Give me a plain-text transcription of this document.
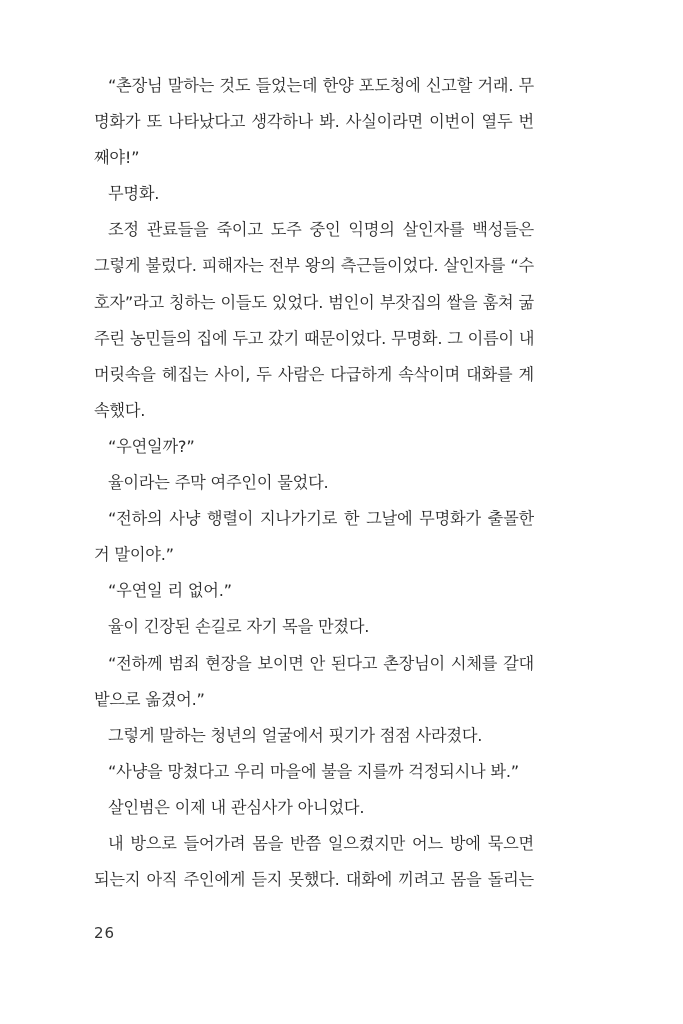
“촌장님 말하는 것도 들었는데 한양 포도청에 신고할 거래. 무
명화가 또 나타났다고 생각하나 봐. 사실이라면 이번이 열두 번
째야!”
무명화.
조정 관료들을 죽이고 도주 중인 익명의 살인자를 백성들은
그렇게 불렀다. 피해자는 전부 왕의 측근들이었다. 살인자를 “수
호자”라고 칭하는 이들도 있었다. 범인이 부잣집의 쌀을 훔쳐 굶
주린 농민들의 집에 두고 갔기 때문이었다. 무명화. 그 이름이 내
머릿속을 헤집는 사이, 두 사람은 다급하게 속삭이며 대화를 계
속했다.
“우연일까?”
율이라는 주막 여주인이 물었다.
“전하의 사냥 행렬이 지나가기로 한 그날에 무명화가 출몰한
거 말이야.”
“우연일 리 없어.”
율이 긴장된 손길로 자기 목을 만졌다.
“전하께 범죄 현장을 보이면 안 된다고 촌장님이 시체를 갈대
밭으로 옮겼어.”
그렇게 말하는 청년의 얼굴에서 핏기가 점점 사라졌다.
“사냥을 망쳤다고 우리 마을에 불을 지를까 걱정되시나 봐.”
살인범은 이제 내 관심사가 아니었다.
내 방으로 들어가려 몸을 반쯤 일으켰지만 어느 방에 묵으면
되는지 아직 주인에게 듣지 못했다. 대화에 끼려고 몸을 돌리는
26
